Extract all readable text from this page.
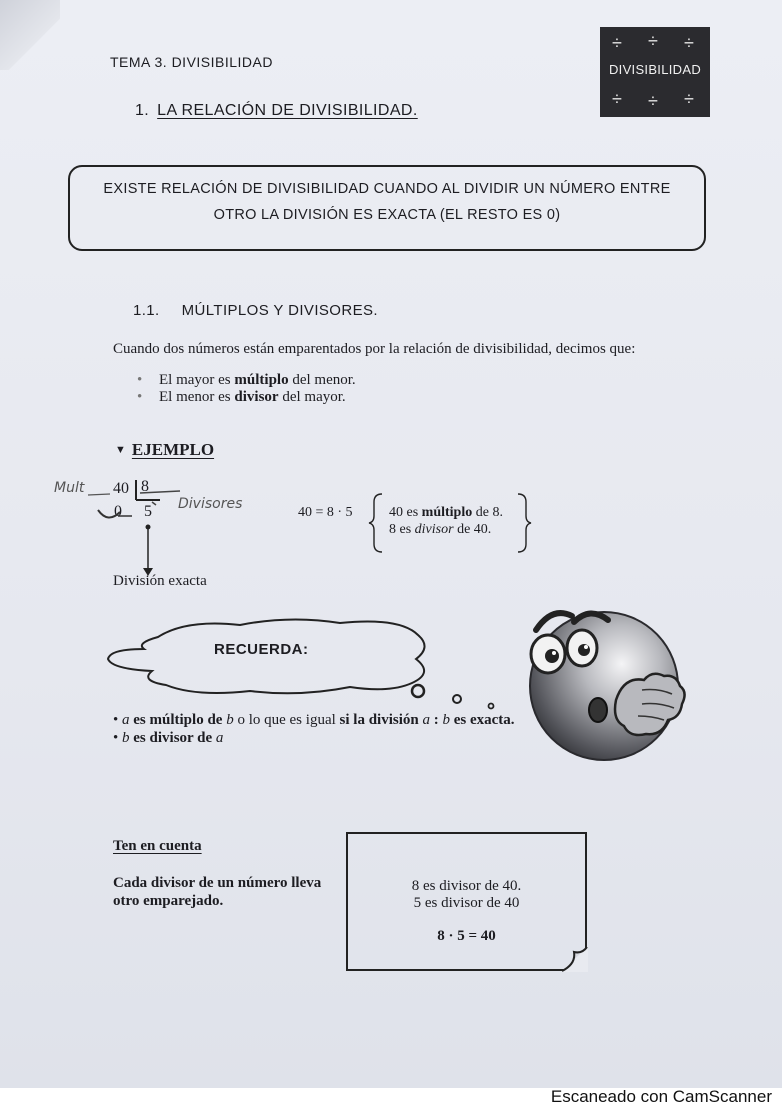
TEMA 3. DIVISIBILIDAD
÷ ÷ ÷
DIVISIBILIDAD
÷ ÷ ÷
1. LA RELACIÓN DE DIVISIBILIDAD.
EXISTE RELACIÓN DE DIVISIBILIDAD CUANDO AL DIVIDIR UN NÚMERO ENTRE
OTRO LA DIVISIÓN ES EXACTA (EL RESTO ES 0)
1.1. MÚLTIPLOS Y DIVISORES.
Cuando dos números están emparentados por la relación de divisibilidad, decimos que:
• El mayor es múltiplo del menor.
• El menor es divisor del mayor.
▼ EJEMPLO
Mult 40 8
0 5 Divisores
División exacta
40 = 8 · 5	40 es múltiplo de 8.
8 es divisor de 40.
RECUERDA:
• a es múltiplo de b o lo que es igual si la división a : b es exacta.
• b es divisor de a
Ten en cuenta
Cada divisor de un número lleva otro emparejado.
8 es divisor de 40.
5 es divisor de 40
8 · 5 = 40
Escaneado con CamScanner
